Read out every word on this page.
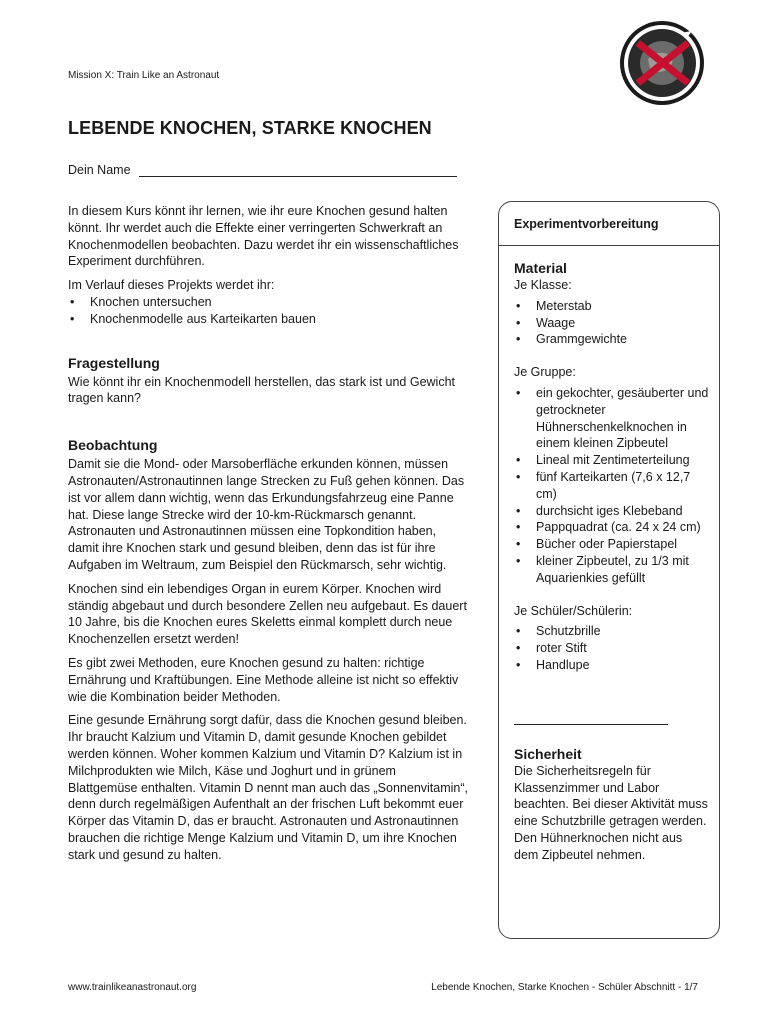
Mission X: Train Like an Astronaut
LEBENDE KNOCHEN, STARKE KNOCHEN
Dein Name

In diesem Kurs könnt ihr lernen, wie ihr eure Knochen gesund halten könnt. Ihr werdet auch die Effekte einer verringerten Schwerkraft an Knochenmodellen beobachten. Dazu werdet ihr ein wissenschaftliches Experiment durchführen.

Im Verlauf dieses Projekts werdet ihr:

• Knochen untersuchen
• Knochenmodelle aus Karteikarten bauen
Fragestellung

Wie könnt ihr ein Knochenmodell herstellen, das stark ist und Gewicht tragen kann?

Beobachtung

Damit sie die Mond- oder Marsoberfläche erkunden können, müssen Astronauten/Astronautinnen lange Strecken zu Fuß gehen können. Das ist vor allem dann wichtig, wenn das Erkundungsfahrzeug eine Panne hat. Diese lange Strecke wird der 10-km-Rückmarsch genannt. Astronauten und Astronautinnen müssen eine Topkondition haben, damit ihre Knochen stark und gesund bleiben, denn das ist für ihre Aufgaben im Weltraum, zum Beispiel den Rückmarsch, sehr wichtig.

Knochen sind ein lebendiges Organ in eurem Körper. Knochen wird ständig abgebaut und durch besondere Zellen neu aufgebaut. Es dauert 10 Jahre, bis die Knochen eures Skeletts einmal komplett durch neue Knochenzellen ersetzt werden!

Es gibt zwei Methoden, eure Knochen gesund zu halten: richtige Ernährung und Kraftübungen. Eine Methode alleine ist nicht so effektiv wie die Kombination beider Methoden.

Eine gesunde Ernährung sorgt dafür, dass die Knochen gesund bleiben. Ihr braucht Kalzium und Vitamin D, damit gesunde Knochen gebildet werden können. Woher kommen Kalzium und Vitamin D? Kalzium ist in Milchprodukten wie Milch, Käse und Joghurt und in grünem Blattgemüse enthalten. Vitamin D nennt man auch das „Sonnenvitamin“, denn durch regelmäßigen Aufenthalt an der frischen Luft bekommt euer Körper das Vitamin D, das er braucht. Astronauten und Astronautinnen brauchen die richtige Menge Kalzium und Vitamin D, um ihre Knochen stark und gesund zu halten.

Experimentvorbereitung
Material

Je Klasse:

• Meterstab
• Waage
• Grammgewichte

Je Gruppe:

• ein gekochter, gesäuberter und getrockneter Hühnerschenkelknochen in einem kleinen Zipbeutel
• Lineal mit Zentimeterteilung
• fünf Karteikarten (7,6 x 12,7 cm)
• durchsicht iges Klebeband
• Pappquadrat (ca. 24 x 24 cm)
• Bücher oder Papierstapel
• kleiner Zipbeutel, zu 1/3 mit Aquarienkies gefüllt

Je Schüler/Schülerin:

• Schutzbrille
• roter Stift
• Handlupe
Sicherheit

Die Sicherheitsregeln für Klassenzimmer und Labor beachten. Bei dieser Aktivität muss eine Schutzbrille getragen werden. Den Hühnerknochen nicht aus dem Zipbeutel nehmen.

www.trainlikeanastronaut.org	Lebende Knochen, Starke Knochen - Schüler Abschnitt - 1/7
